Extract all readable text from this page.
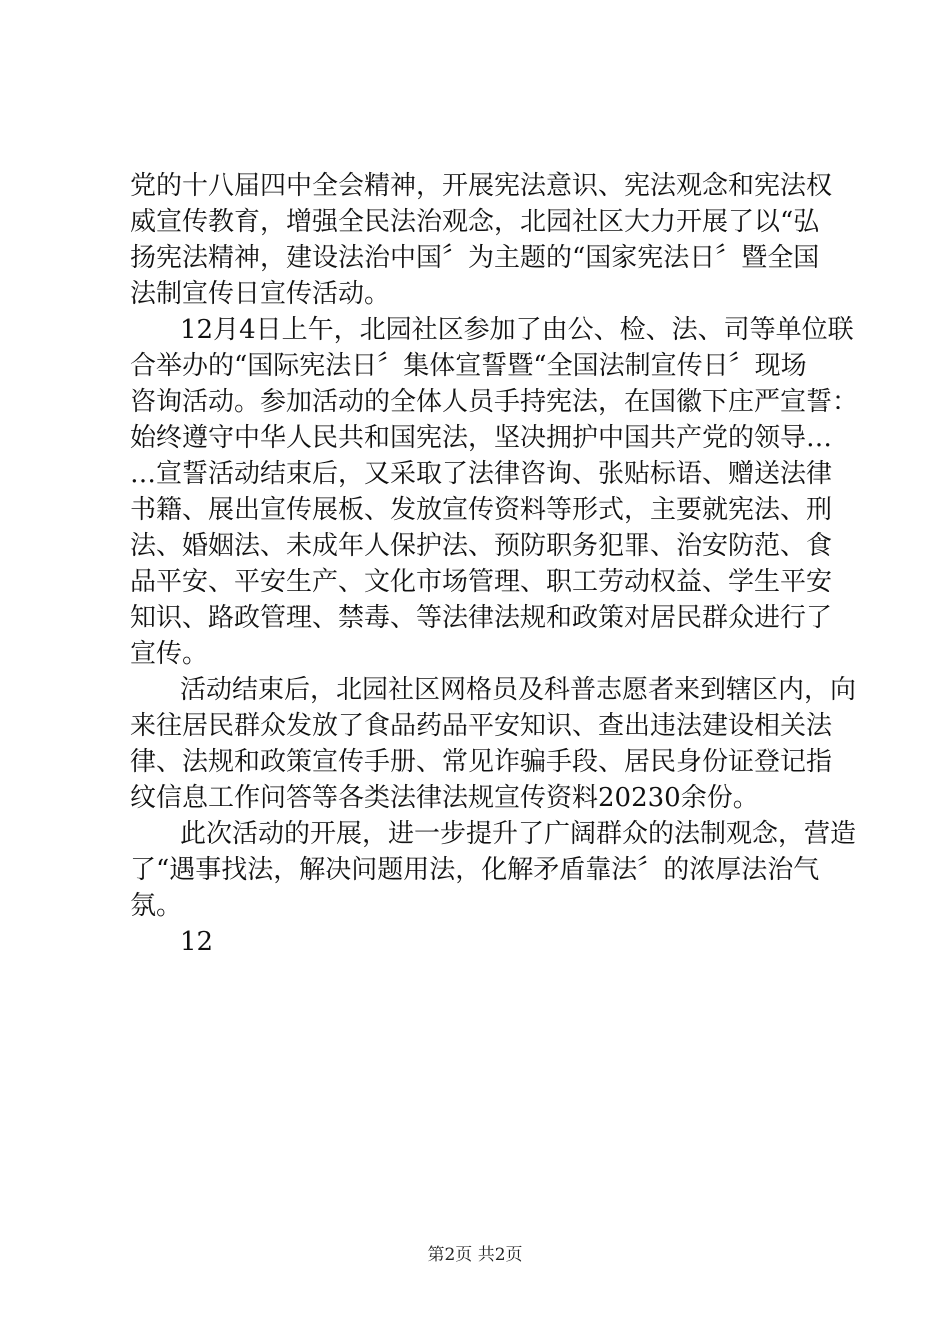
党的十八届四中全会精神，开展宪法意识、宪法观念和宪法权
威宣传教育，增强全民法治观念，北园社区大力开展了以“弘
扬宪法精神，建设法治中国〞为主题的“国家宪法日〞暨全国
法制宣传日宣传活动。
12月4日上午，北园社区参加了由公、检、法、司等单位联
合举办的“国际宪法日〞集体宣誓暨“全国法制宣传日〞现场
咨询活动。参加活动的全体人员手持宪法，在国徽下庄严宣誓：
始终遵守中华人民共和国宪法，坚决拥护中国共产党的领导…
…宣誓活动结束后，又采取了法律咨询、张贴标语、赠送法律
书籍、展出宣传展板、发放宣传资料等形式，主要就宪法、刑
法、婚姻法、未成年人保护法、预防职务犯罪、治安防范、食
品平安、平安生产、文化市场管理、职工劳动权益、学生平安
知识、路政管理、禁毒、等法律法规和政策对居民群众进行了
宣传。
活动结束后，北园社区网格员及科普志愿者来到辖区内，向
来往居民群众发放了食品药品平安知识、查出违法建设相关法
律、法规和政策宣传手册、常见诈骗手段、居民身份证登记指
纹信息工作问答等各类法律法规宣传资料20230余份。
此次活动的开展，进一步提升了广阔群众的法制观念，营造
了“遇事找法，解决问题用法，化解矛盾靠法〞的浓厚法治气
氛。
12
第2页 共2页
